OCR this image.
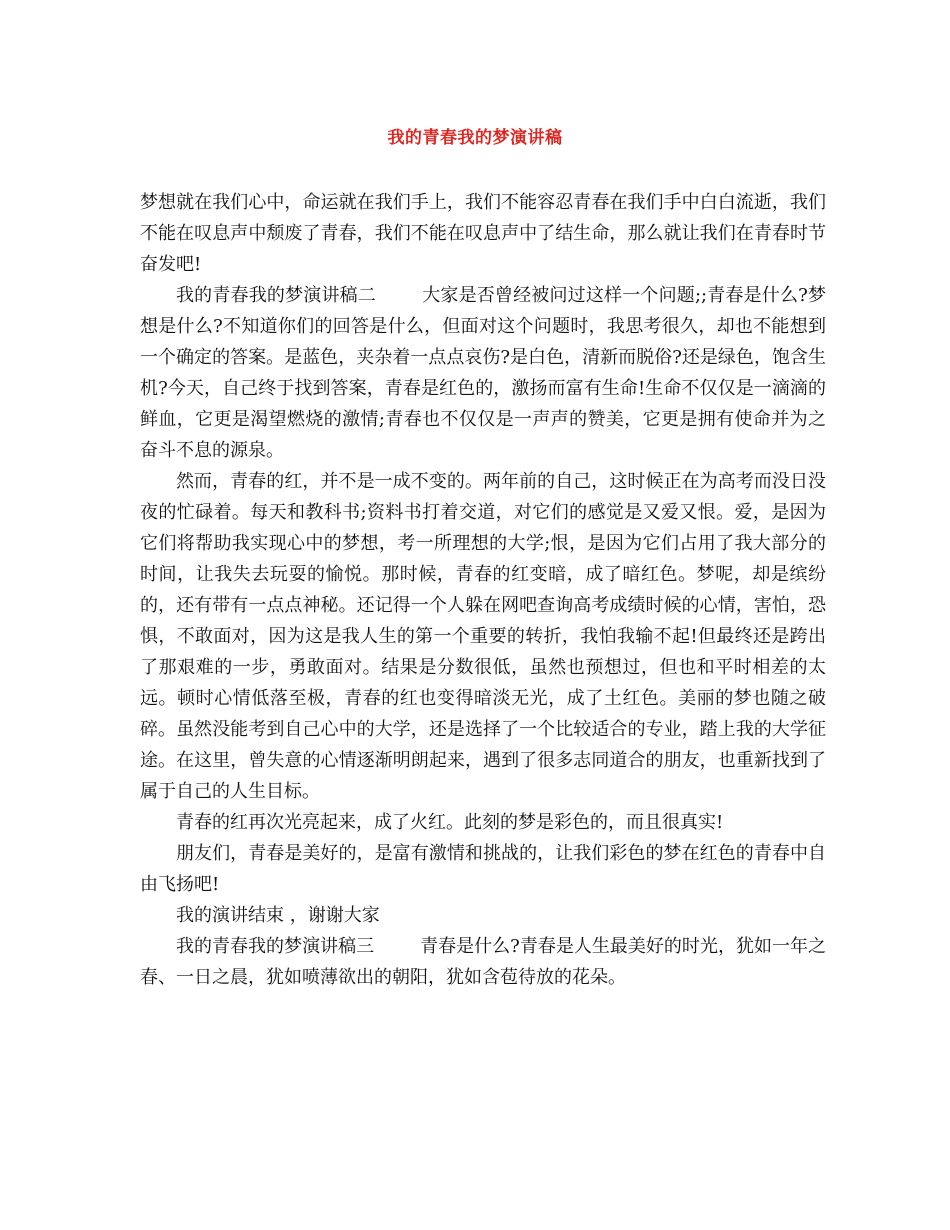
我的青春我的梦演讲稿

梦想就在我们心中，命运就在我们手上，我们不能容忍青春在我们手中白白流逝，我们不能在叹息声中颓废了青春，我们不能在叹息声中了结生命，那么就让我们在青春时节奋发吧!

我的青春我的梦演讲稿二	大家是否曾经被问过这样一个问题;;青春是什么?梦想是什么?不知道你们的回答是什么，但面对这个问题时，我思考很久，却也不能想到一个确定的答案。是蓝色，夹杂着一点点哀伤?是白色，清新而脱俗?还是绿色，饱含生机?今天，自己终于找到答案，青春是红色的，激扬而富有生命!生命不仅仅是一滴滴的鲜血，它更是渴望燃烧的激情;青春也不仅仅是一声声的赞美，它更是拥有使命并为之奋斗不息的源泉。

然而，青春的红，并不是一成不变的。两年前的自己，这时候正在为高考而没日没夜的忙碌着。每天和教科书;资料书打着交道，对它们的感觉是又爱又恨。爱，是因为它们将帮助我实现心中的梦想，考一所理想的大学;恨，是因为它们占用了我大部分的时间，让我失去玩耍的愉悦。那时候，青春的红变暗，成了暗红色。梦呢，却是缤纷的，还有带有一点点神秘。还记得一个人躲在网吧查询高考成绩时候的心情，害怕，恐惧，不敢面对，因为这是我人生的第一个重要的转折，我怕我输不起!但最终还是跨出了那艰难的一步，勇敢面对。结果是分数很低，虽然也预想过，但也和平时相差的太远。顿时心情低落至极，青春的红也变得暗淡无光，成了土红色。美丽的梦也随之破碎。虽然没能考到自己心中的大学，还是选择了一个比较适合的专业，踏上我的大学征途。在这里，曾失意的心情逐渐明朗起来，遇到了很多志同道合的朋友，也重新找到了属于自己的人生目标。

青春的红再次光亮起来，成了火红。此刻的梦是彩色的，而且很真实!

朋友们，青春是美好的，是富有激情和挑战的，让我们彩色的梦在红色的青春中自由飞扬吧!

我的演讲结束 ，谢谢大家

我的青春我的梦演讲稿三	青春是什么?青春是人生最美好的时光，犹如一年之春、一日之晨，犹如喷薄欲出的朝阳，犹如含苞待放的花朵。
